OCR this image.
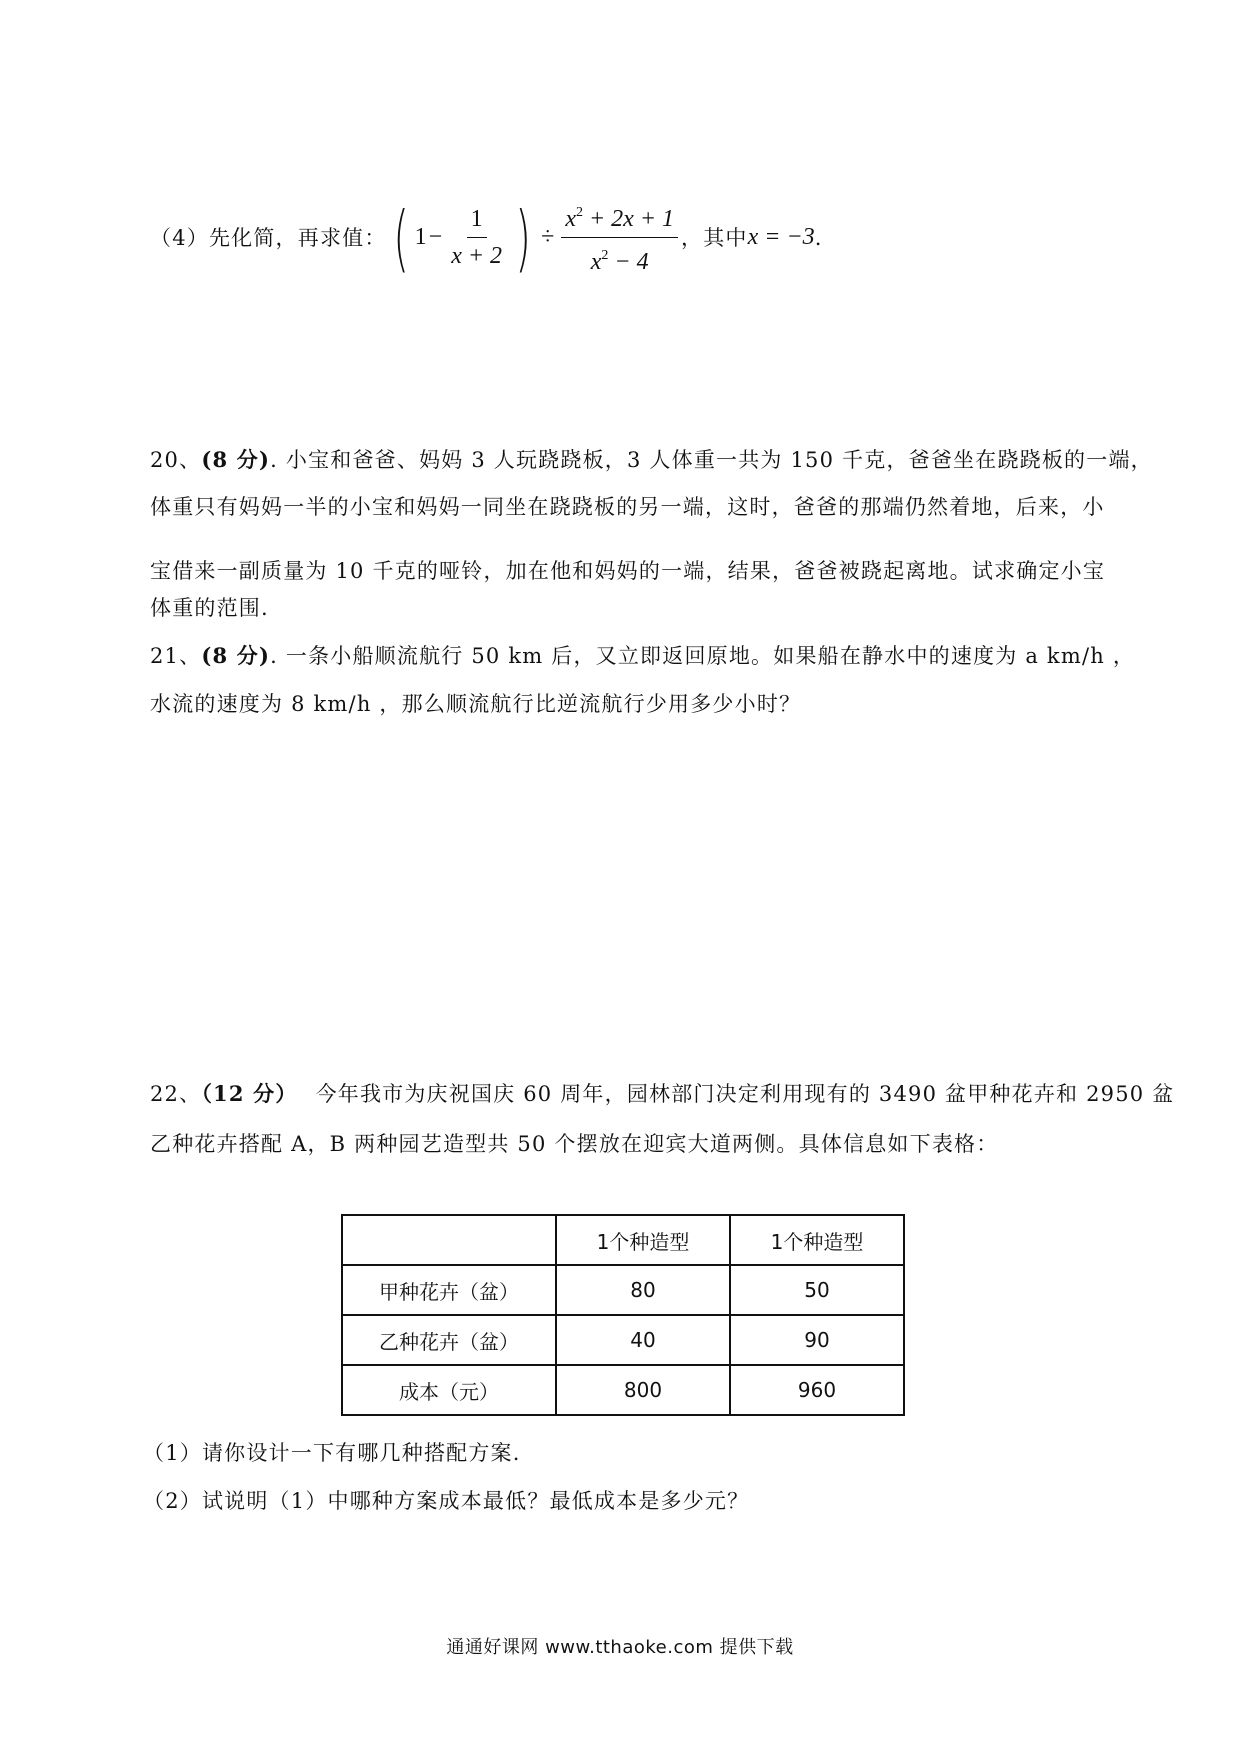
（4）先化简，再求值： ( $1 - \frac{1}{x + 2}$ ) ÷ $\frac{x^2 + 2x + 1}{x^2 - 4}$ ，其中 x = −3 .
20、(8 分). 小宝和爸爸、妈妈 3 人玩跷跷板，3 人体重一共为 150 千克，爸爸坐在跷跷板的一端，
体重只有妈妈一半的小宝和妈妈一同坐在跷跷板的另一端，这时，爸爸的那端仍然着地，后来，小
宝借来一副质量为 10 千克的哑铃，加在他和妈妈的一端，结果，爸爸被跷起离地。试求确定小宝
体重的范围.
21、(8 分). 一条小船顺流航行 50 km 后，又立即返回原地。如果船在静水中的速度为 a km/h ，
水流的速度为 8 km/h ，那么顺流航行比逆流航行少用多少小时？
22、（12 分） 今年我市为庆祝国庆 60 周年，园林部门决定利用现有的 3490 盆甲种花卉和 2950 盆
乙种花卉搭配 A，B 两种园艺造型共 50 个摆放在迎宾大道两侧。具体信息如下表格：
	1个种造型	1个种造型
甲种花卉（盆）	80	50
乙种花卉（盆）	40	90
成本（元）	800	960
（1）请你设计一下有哪几种搭配方案.
（2）试说明（1）中哪种方案成本最低？最低成本是多少元？
通通好课网 www.tthaoke.com 提供下载
